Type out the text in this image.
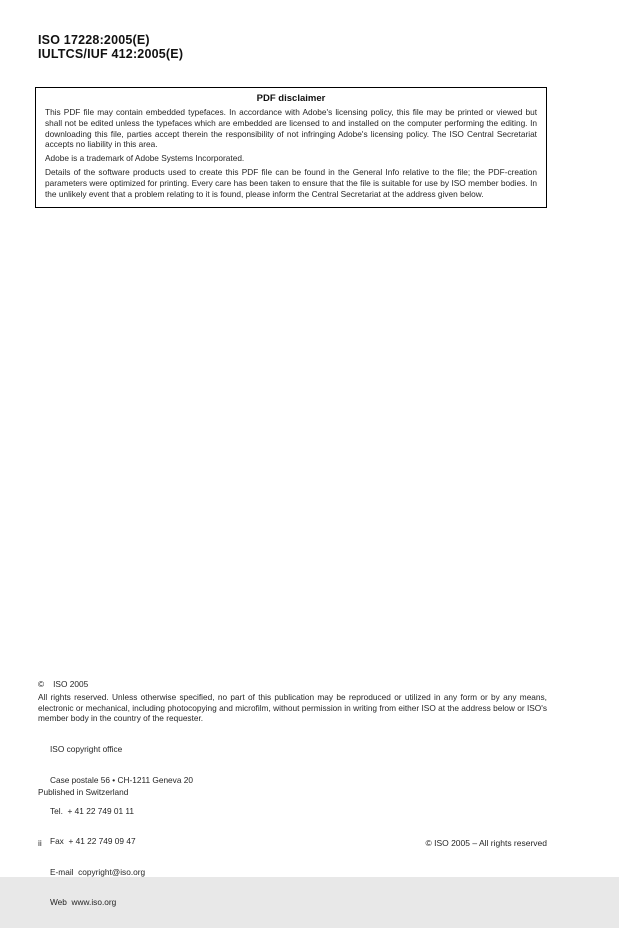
ISO 17228:2005(E)
IULTCS/IUF 412:2005(E)
PDF disclaimer

This PDF file may contain embedded typefaces. In accordance with Adobe's licensing policy, this file may be printed or viewed but shall not be edited unless the typefaces which are embedded are licensed to and installed on the computer performing the editing. In downloading this file, parties accept therein the responsibility of not infringing Adobe's licensing policy. The ISO Central Secretariat accepts no liability in this area.

Adobe is a trademark of Adobe Systems Incorporated.

Details of the software products used to create this PDF file can be found in the General Info relative to the file; the PDF-creation parameters were optimized for printing. Every care has been taken to ensure that the file is suitable for use by ISO member bodies. In the unlikely event that a problem relating to it is found, please inform the Central Secretariat at the address given below.

© ISO 2005

All rights reserved. Unless otherwise specified, no part of this publication may be reproduced or utilized in any form or by any means, electronic or mechanical, including photocopying and microfilm, without permission in writing from either ISO at the address below or ISO's member body in the country of the requester.

ISO copyright office

Case postale 56 • CH-1211 Geneva 20

Tel.  + 41 22 749 01 11

Fax  + 41 22 749 09 47

E-mail  copyright@iso.org

Web  www.iso.org

Published in Switzerland
ii	© ISO 2005 – All rights reserved
